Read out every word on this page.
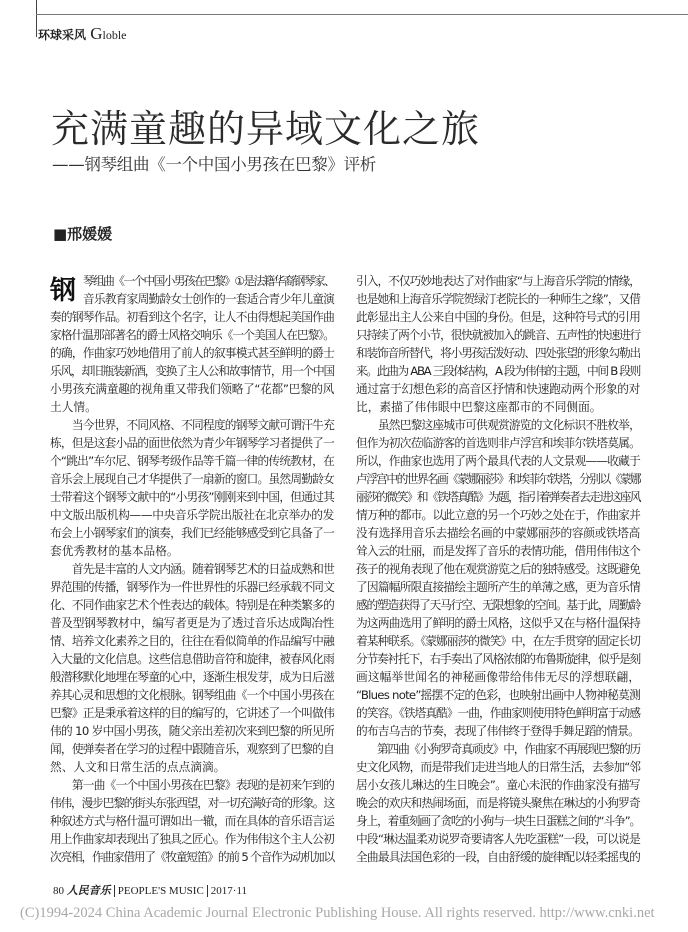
环球采风 Globle
充满童趣的异域文化之旅
——钢琴组曲《一个中国小男孩在巴黎》评析
■邢媛媛
钢 琴组曲《一个中国小男孩在巴黎》①是法籍华裔钢琴家、
音乐教育家周勤龄女士创作的一套适合青少年儿童演
奏的钢琴作品。初看到这个名字，让人不由得想起美国作曲
家格什温那部著名的爵士风格交响乐《一个美国人在巴黎》。
的确，作曲家巧妙地借用了前人的叙事模式甚至鲜明的爵士
乐风，却旧瓶装新酒，变换了主人公和故事情节，用一个中国
小男孩充满童趣的视角重又带我们领略了“花都”巴黎的风
土人情。
　　当今世界，不同风格、不同程度的钢琴文献可谓汗牛充
栋，但是这套小品的面世依然为青少年钢琴学习者提供了一
个“跳出”车尔尼、钢琴考级作品等千篇一律的传统教材，在
音乐会上展现自己才华提供了一扇新的窗口。虽然周勤龄女
士带着这个钢琴文献中的“小男孩”刚刚来到中国，但通过其
中文版出版机构——中央音乐学院出版社在北京举办的发
布会上小钢琴家们的演奏，我们已经能够感受到它具备了一
套优秀教材的基本品格。
　　首先是丰富的人文内涵。随着钢琴艺术的日益成熟和世
界范围的传播，钢琴作为一件世界性的乐器已经承载不同文
化、不同作曲家艺术个性表达的载体。特别是在种类繁多的
普及型钢琴教材中，编写者更是为了透过音乐达成陶冶性
情、培养文化素养之目的，往往在看似简单的作品编写中融
入大量的文化信息。这些信息借助音符和旋律，被春风化雨
般潜移默化地埋在琴童的心中，逐渐生根发芽，成为日后滋
养其心灵和思想的文化根脉。钢琴组曲《一个中国小男孩在
巴黎》正是秉承着这样的目的编写的，它讲述了一个叫做伟
伟的 10 岁中国小男孩，随父亲出差初次来到巴黎的所见所
闻，使弹奏者在学习的过程中跟随音乐，观察到了巴黎的自
然、人文和日常生活的点点滴滴。
　　第一曲《一个中国小男孩在巴黎》表现的是初来乍到的
伟伟，漫步巴黎的街头东张西望，对一切充满好奇的形象。这
种叙述方式与格什温可谓如出一辙，而在具体的音乐语言运
用上作曲家却表现出了独具之匠心。作为伟伟这个主人公初
次亮相，作曲家借用了《牧童短笛》的前 5 个音作为动机加以
引入，不仅巧妙地表达了对作曲家“与上海音乐学院的情缘，
也是她和上海音乐学院贺绿汀老院长的一种师生之缘”，又借
此彰显出主人公来自中国的身份。但是，这种符号式的引用
只持续了两个小节，很快就被加入的跳音、五声性的快速进行
和装饰音所替代，将小男孩活泼好动、四处张望的形象勾勒出
来。此曲为 ABA 三段体结构，A 段为伟伟的主题，中间 B 段则
通过富于幻想色彩的高音区抒情和快速跑动两个形象的对
比，素描了伟伟眼中巴黎这座都市的不同侧面。
　　虽然巴黎这座城市可供观赏游览的文化标识不胜枚举，
但作为初次莅临游客的首选则非卢浮宫和埃菲尔铁塔莫属。
所以，作曲家也选用了两个最具代表的人文景观——收藏于
卢浮宫中的世界名画《蒙娜丽莎》和埃菲尔铁塔，分别以《蒙娜
丽莎的微笑》和《铁塔真酷》为题，指引着弹奏者去走进这座风
情万种的都市。以此立意的另一个巧妙之处在于，作曲家并
没有选择用音乐去描绘名画的中蒙娜丽莎的容颜或铁塔高
耸入云的壮丽，而是发挥了音乐的表情功能，借用伟伟这个
孩子的视角表现了他在观赏游览之后的独特感受。这既避免
了因篇幅所限直接描绘主题所产生的单薄之感，更为音乐情
感的塑造获得了天马行空、无限想象的空间。基于此，周勤龄
为这两曲选用了鲜明的爵士风格，这似乎又在与格什温保持
着某种联系。《蒙娜丽莎的微笑》中，在左手贯穿的固定长切
分节奏衬托下，右手奏出了风格浓郁的布鲁斯旋律，似乎是刻
画这幅举世闻名的神秘画像带给伟伟无尽的浮想联翩，
“Blues note”摇摆不定的色彩，也映射出画中人物神秘莫测
的笑容。《铁塔真酷》一曲，作曲家则使用特色鲜明富于动感
的布吉乌吉的节奏，表现了伟伟终于登得手舞足蹈的情景。
　　第四曲《小狗罗奇真顽皮》中，作曲家不再展现巴黎的历
史文化风物，而是带我们走进当地人的日常生活，去参加“邻
居小女孩儿琳达的生日晚会”。童心未泯的作曲家没有描写
晚会的欢庆和热闹场面，而是将镜头聚焦在琳达的小狗罗奇
身上，着重刻画了贪吃的小狗与一块生日蛋糕之间的“斗争”。
中段“琳达温柔劝说罗奇要请客人先吃蛋糕”一段，可以说是
全曲最具法国色彩的一段，自由舒缓的旋律配以轻柔摇曳的
80 人民音乐 PEOPLE'S MUSIC 2017·11
(C)1994-2024 China Academic Journal Electronic Publishing House. All rights reserved. http://www.cnki.net
